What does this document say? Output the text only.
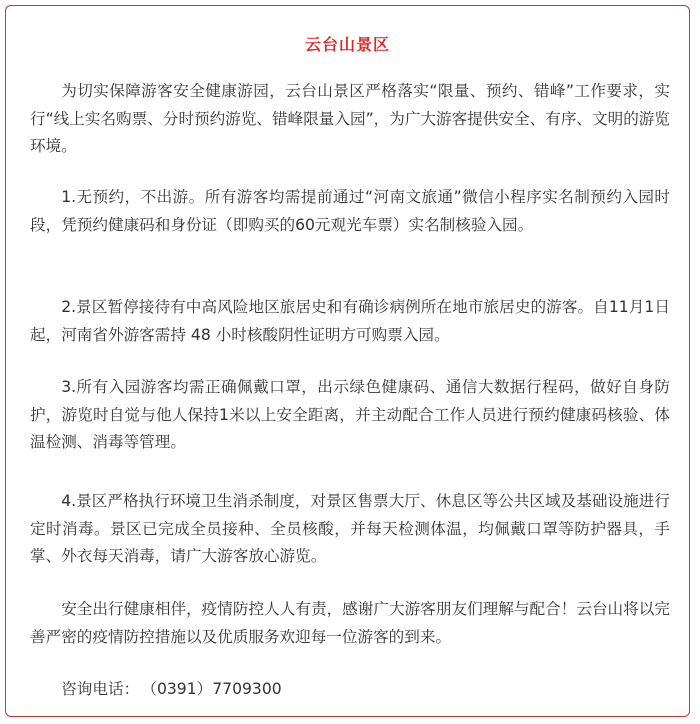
云台山景区

为切实保障游客安全健康游园，云台山景区严格落实“限量、预约、错峰”工作要求，实行“线上实名购票、分时预约游览、错峰限量入园”，为广大游客提供安全、有序、文明的游览环境。

1.无预约，不出游。所有游客均需提前通过“河南文旅通”微信小程序实名制预约入园时段，凭预约健康码和身份证（即购买的60元观光车票）实名制核验入园。

2.景区暂停接待有中高风险地区旅居史和有确诊病例所在地市旅居史的游客。自11月1日起，河南省外游客需持 48 小时核酸阴性证明方可购票入园。

3.所有入园游客均需正确佩戴口罩，出示绿色健康码、通信大数据行程码，做好自身防护，游览时自觉与他人保持1米以上安全距离，并主动配合工作人员进行预约健康码核验、体温检测、消毒等管理。

4.景区严格执行环境卫生消杀制度，对景区售票大厅、休息区等公共区域及基础设施进行定时消毒。景区已完成全员接种、全员核酸，并每天检测体温，均佩戴口罩等防护器具，手掌、外衣每天消毒，请广大游客放心游览。

安全出行健康相伴，疫情防控人人有责，感谢广大游客朋友们理解与配合！云台山将以完善严密的疫情防控措施以及优质服务欢迎每一位游客的到来。

咨询电话： （0391）7709300
